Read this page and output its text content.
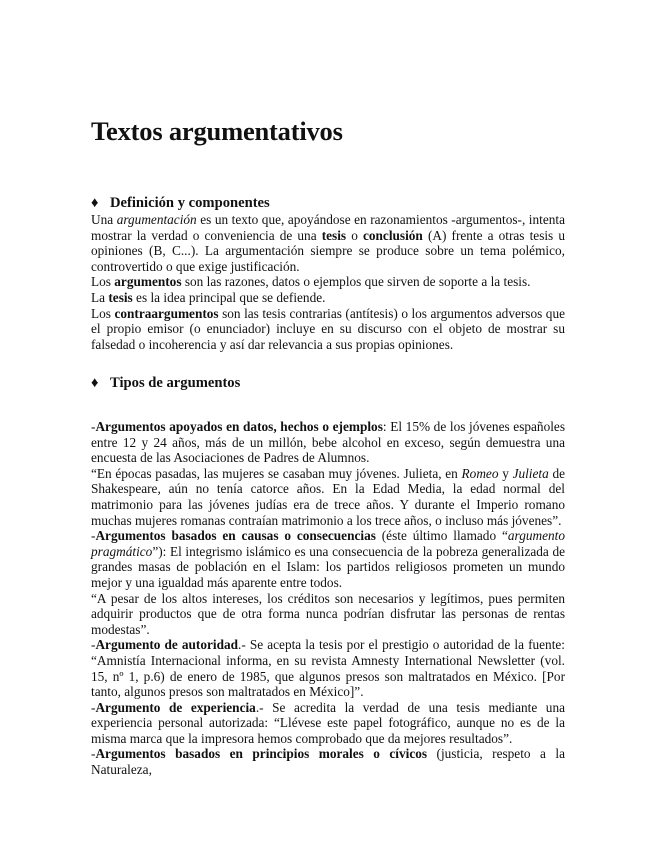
Textos argumentativos
♦ Definición y componentes

Una argumentación es un texto que, apoyándose en razonamientos -argumentos-, intenta mostrar la verdad o conveniencia de una tesis o conclusión (A) frente a otras tesis u opiniones (B, C...). La argumentación siempre se produce sobre un tema polémico, controvertido o que exige justificación.

Los argumentos son las razones, datos o ejemplos que sirven de soporte a la tesis.

La tesis es la idea principal que se defiende.

Los contraargumentos son las tesis contrarias (antítesis) o los argumentos adversos que el propio emisor (o enunciador) incluye en su discurso con el objeto de mostrar su falsedad o incoherencia y así dar relevancia a sus propias opiniones.

♦ Tipos de argumentos

-Argumentos apoyados en datos, hechos o ejemplos: El 15% de los jóvenes españoles entre 12 y 24 años, más de un millón, bebe alcohol en exceso, según demuestra una encuesta de las Asociaciones de Padres de Alumnos.

“En épocas pasadas, las mujeres se casaban muy jóvenes. Julieta, en Romeo y Julieta de Shakespeare, aún no tenía catorce años. En la Edad Media, la edad normal del matrimonio para las jóvenes judías era de trece años. Y durante el Imperio romano muchas mujeres romanas contraían matrimonio a los trece años, o incluso más jóvenes”.

-Argumentos basados en causas o consecuencias (éste último llamado “argumento pragmático”): El integrismo islámico es una consecuencia de la pobreza generalizada de grandes masas de población en el Islam: los partidos religiosos prometen un mundo mejor y una igualdad más aparente entre todos.

“A pesar de los altos intereses, los créditos son necesarios y legítimos, pues permiten adquirir productos que de otra forma nunca podrían disfrutar las personas de rentas modestas”.

-Argumento de autoridad.- Se acepta la tesis por el prestigio o autoridad de la fuente: “Amnistía Internacional informa, en su revista Amnesty International Newsletter (vol. 15, nº 1, p.6) de enero de 1985, que algunos presos son maltratados en México. [Por tanto, algunos presos son maltratados en México]”.

-Argumento de experiencia.- Se acredita la verdad de una tesis mediante una experiencia personal autorizada: “Llévese este papel fotográfico, aunque no es de la misma marca que la impresora hemos comprobado que da mejores resultados”.

-Argumentos basados en principios morales o cívicos (justicia, respeto a la Naturaleza,
